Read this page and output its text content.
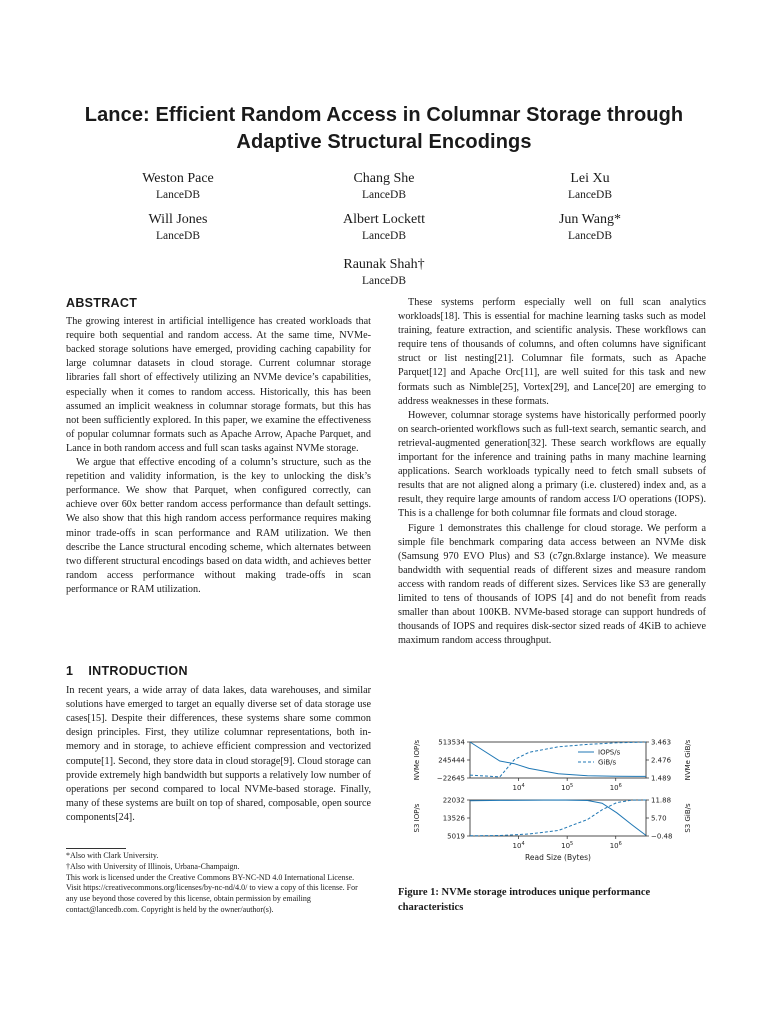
Lance: Efficient Random Access in Columnar Storage through
Adaptive Structural Encodings
Weston Pace
LanceDB
Chang She
LanceDB
Lei Xu
LanceDB
Will Jones
LanceDB
Albert Lockett
LanceDB
Jun Wang*
LanceDB
Raunak Shah†
LanceDB
ABSTRACT

The growing interest in artificial intelligence has created workloads that require both sequential and random access. At the same time, NVMe-backed storage solutions have emerged, providing caching capability for large columnar datasets in cloud storage. Current columnar storage libraries fall short of effectively utilizing an NVMe device’s capabilities, especially when it comes to random access. Historically, this has been assumed an implicit weakness in columnar storage formats, but this has not been sufficiently explored. In this paper, we examine the effectiveness of popular columnar formats such as Apache Arrow, Apache Parquet, and Lance in both random access and full scan tasks against NVMe storage.

We argue that effective encoding of a column’s structure, such as the repetition and validity information, is the key to unlocking the disk’s performance. We show that Parquet, when configured correctly, can achieve over 60x better random access performance than default settings. We also show that this high random access performance requires making minor trade-offs in scan performance and RAM utilization. We then describe the Lance structural encoding scheme, which alternates between two different structural encodings based on data width, and achieves better random access performance without making trade-offs in scan performance or RAM utilization.

1 INTRODUCTION

In recent years, a wide array of data lakes, data warehouses, and similar solutions have emerged to target an equally diverse set of data storage use cases[15]. Despite their differences, these systems share some common design principles. First, they utilize columnar representations, both in-memory and in storage, to achieve efficient compression and vectorized compute[1]. Second, they store data in cloud storage[9]. Cloud storage can provide extremely high bandwidth but supports a relatively low number of operations per second compared to local NVMe-based storage. Finally, many of these systems are built on top of shared, composable, open source components[24].

*Also with Clark University.
†Also with University of Illinois, Urbana-Champaign.
This work is licensed under the Creative Commons BY-NC-ND 4.0 International License. Visit https://creativecommons.org/licenses/by-nc-nd/4.0/ to view a copy of this license. For any use beyond those covered by this license, obtain permission by emailing contact@lancedb.com. Copyright is held by the owner/author(s).

These systems perform especially well on full scan analytics workloads[18]. This is essential for machine learning tasks such as model training, feature extraction, and scientific analysis. These workflows can require tens of thousands of columns, and often columns have significant struct or list nesting[21]. Columnar file formats, such as Apache Parquet[12] and Apache Orc[11], are well suited for this task and new formats such as Nimble[25], Vortex[29], and Lance[20] are emerging to address weaknesses in these formats.

However, columnar storage systems have historically performed poorly on search-oriented workflows such as full-text search, semantic search, and retrieval-augmented generation[32]. These search workflows are equally important for the inference and training paths in many machine learning applications. Search workloads typically need to fetch small subsets of results that are not aligned along a primary (i.e. clustered) index and, as a result, they require large amounts of random access I/O operations (IOPS). This is a challenge for both columnar file formats and cloud storage.

Figure 1 demonstrates this challenge for cloud storage. We perform a simple file benchmark comparing data access between an NVMe disk (Samsung 970 EVO Plus) and S3 (c7gn.8xlarge instance). We measure bandwidth with sequential reads of different sizes and measure random access with random reads of different sizes. Services like S3 are generally limited to tens of thousands of IOPS [4] and do not benefit from reads smaller than about 100KB. NVMe-based storage can support hundreds of thousands of IOPS and requires disk-sector sized reads of 4KiB to achieve maximum random access throughput.

513534
245444
−22645
3.463
2.476
1.489
$10^4$	$10^5$	$10^6$
NVMe IOP/s	NVMe GiB/s
IOPS/s
GiB/s
22032
13526
5019
11.88
5.70
−0.48
$10^4$	$10^5$	$10^6$
S3 IOP/s	S3 GiB/s
Read Size (Bytes)
Figure 1: NVMe storage introduces unique performance characteristics
